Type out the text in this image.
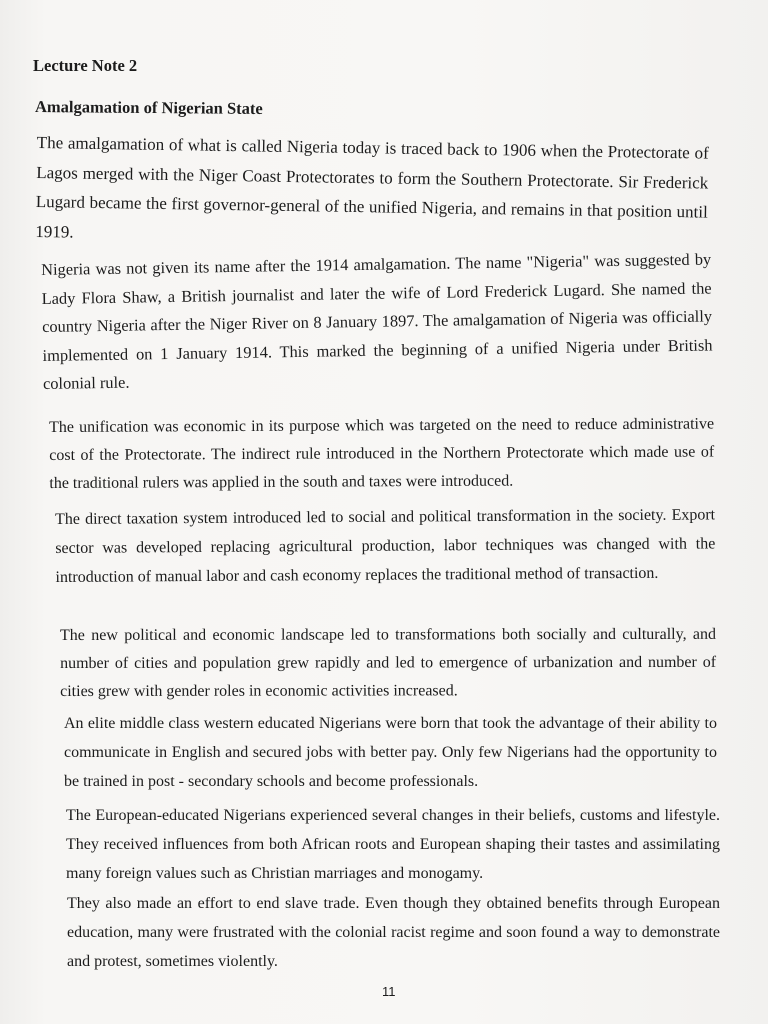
Lecture Note 2
Amalgamation of Nigerian State
The amalgamation of what is called Nigeria today is traced back to 1906 when the Protectorate of Lagos merged with the Niger Coast Protectorates to form the Southern Protectorate. Sir Frederick Lugard became the first governor-general of the unified Nigeria, and remains in that position until 1919.
Nigeria was not given its name after the 1914 amalgamation. The name "Nigeria" was suggested by Lady Flora Shaw, a British journalist and later the wife of Lord Frederick Lugard. She named the country Nigeria after the Niger River on 8 January 1897. The amalgamation of Nigeria was officially implemented on 1 January 1914. This marked the beginning of a unified Nigeria under British colonial rule.
The unification was economic in its purpose which was targeted on the need to reduce administrative cost of the Protectorate. The indirect rule introduced in the Northern Protectorate which made use of the traditional rulers was applied in the south and taxes were introduced.
The direct taxation system introduced led to social and political transformation in the society. Export sector was developed replacing agricultural production, labor techniques was changed with the introduction of manual labor and cash economy replaces the traditional method of transaction.
The new political and economic landscape led to transformations both socially and culturally, and number of cities and population grew rapidly and led to emergence of urbanization and number of cities grew with gender roles in economic activities increased.
An elite middle class western educated Nigerians were born that took the advantage of their ability to communicate in English and secured jobs with better pay. Only few Nigerians had the opportunity to be trained in post - secondary schools and become professionals.
The European-educated Nigerians experienced several changes in their beliefs, customs and lifestyle. They received influences from both African roots and European shaping their tastes and assimilating many foreign values such as Christian marriages and monogamy.
They also made an effort to end slave trade. Even though they obtained benefits through European education, many were frustrated with the colonial racist regime and soon found a way to demonstrate and protest, sometimes violently.
11
